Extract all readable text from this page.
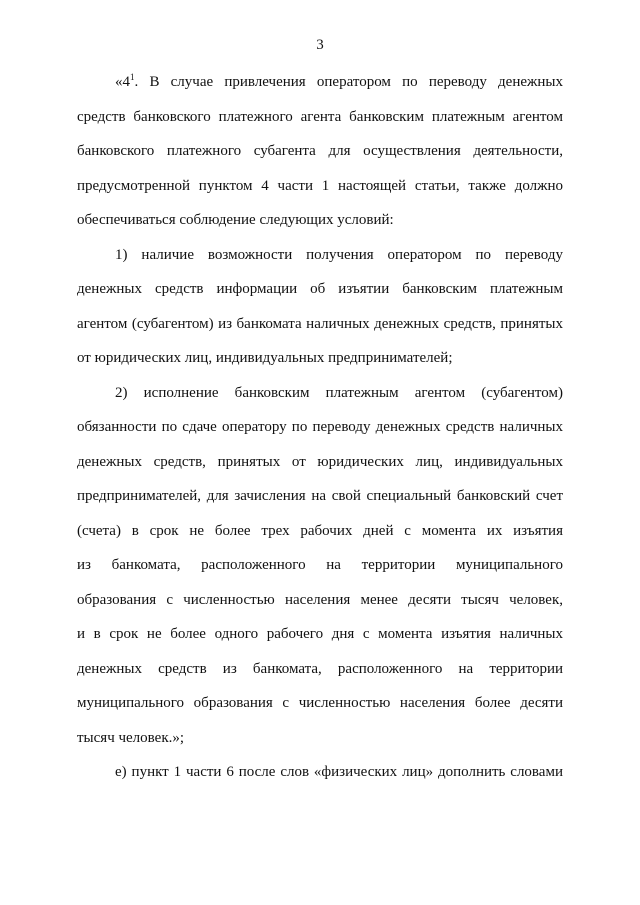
3
«$4^1$. В случае привлечения оператором по переводу денежных
средств банковского платежного агента банковским платежным агентом
банковского платежного субагента для осуществления деятельности,
предусмотренной пунктом 4 части 1 настоящей статьи, также должно
обеспечиваться соблюдение следующих условий:
1) наличие возможности получения оператором по переводу
денежных средств информации об изъятии банковским платежным
агентом (субагентом) из банкомата наличных денежных средств, принятых
от юридических лиц, индивидуальных предпринимателей;
2) исполнение банковским платежным агентом (субагентом)
обязанности по сдаче оператору по переводу денежных средств наличных
денежных средств, принятых от юридических лиц, индивидуальных
предпринимателей, для зачисления на свой специальный банковский счет
(счета) в срок не более трех рабочих дней с момента их изъятия
из банкомата, расположенного на территории муниципального
образования с численностью населения менее десяти тысяч человек,
и в срок не более одного рабочего дня с момента изъятия наличных
денежных средств из банкомата, расположенного на территории
муниципального образования с численностью населения более десяти
тысяч человек.»;
е) пункт 1 части 6 после слов «физических лиц» дополнить словами
